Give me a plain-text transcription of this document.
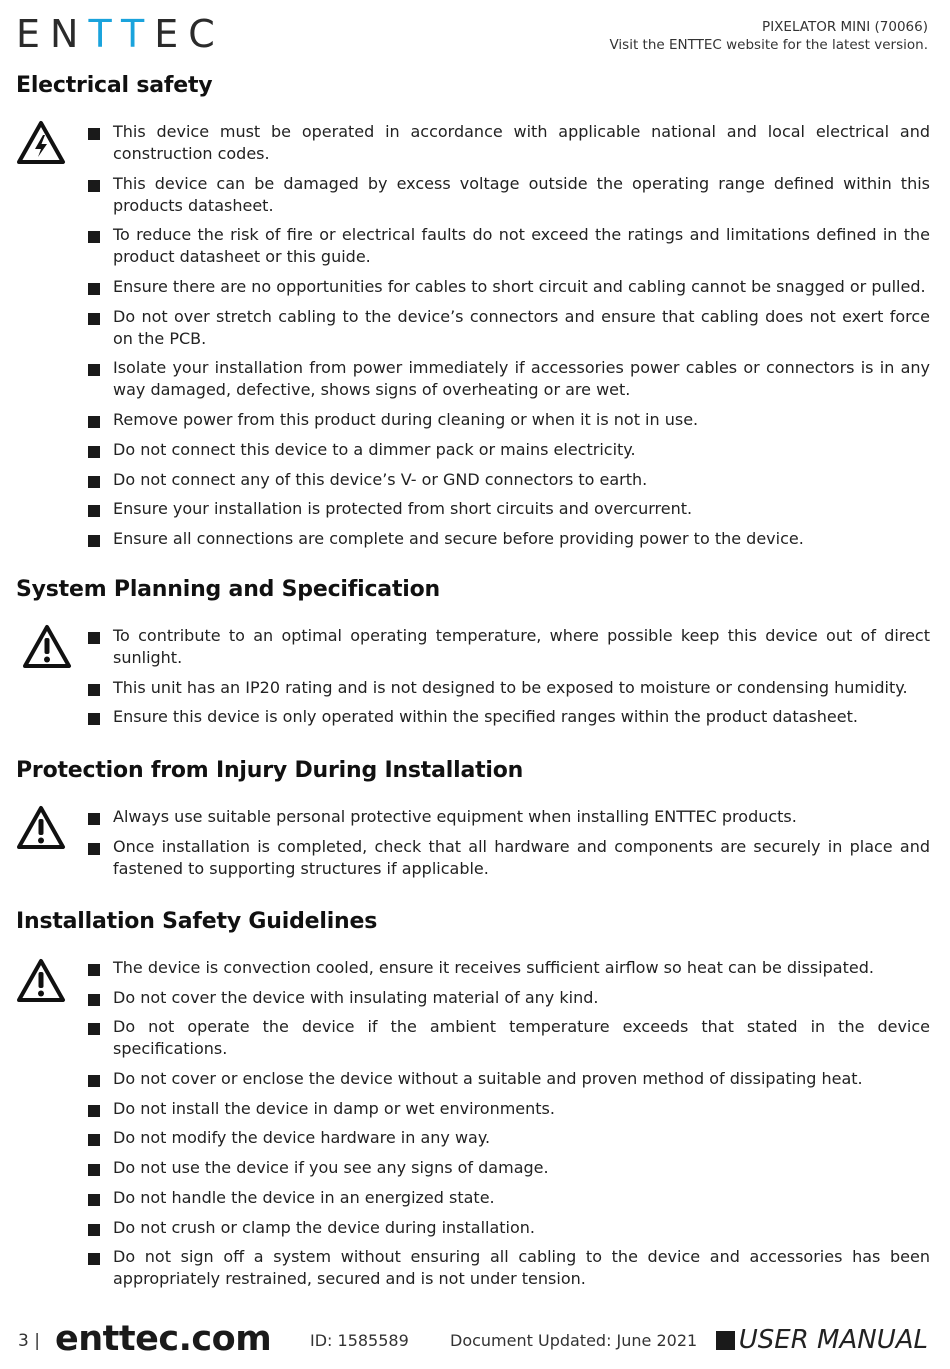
ENTTEC	PIXELATOR MINI (70066)
Visit the ENTTEC website for the latest version.
Electrical safety
This device must be operated in accordance with applicable national and local electrical and construction codes.
This device can be damaged by excess voltage outside the operating range defined within this products datasheet.
To reduce the risk of fire or electrical faults do not exceed the ratings and limitations defined in the product datasheet or this guide.
Ensure there are no opportunities for cables to short circuit and cabling cannot be snagged or pulled.
Do not over stretch cabling to the device’s connectors and ensure that cabling does not exert force on the PCB.
Isolate your installation from power immediately if accessories power cables or connectors is in any way damaged, defective, shows signs of overheating or are wet.
Remove power from this product during cleaning or when it is not in use.
Do not connect this device to a dimmer pack or mains electricity.
Do not connect any of this device’s V- or GND connectors to earth.
Ensure your installation is protected from short circuits and overcurrent.
Ensure all connections are complete and secure before providing power to the device.
System Planning and Specification
To contribute to an optimal operating temperature, where possible keep this device out of direct sunlight.
This unit has an IP20 rating and is not designed to be exposed to moisture or condensing humidity.
Ensure this device is only operated within the specified ranges within the product datasheet.
Protection from Injury During Installation
Always use suitable personal protective equipment when installing ENTTEC products.
Once installation is completed, check that all hardware and components are securely in place and fastened to supporting structures if applicable.
Installation Safety Guidelines
The device is convection cooled, ensure it receives sufficient airflow so heat can be dissipated.
Do not cover the device with insulating material of any kind.
Do not operate the device if the ambient temperature exceeds that stated in the device specifications.
Do not cover or enclose the device without a suitable and proven method of dissipating heat.
Do not install the device in damp or wet environments.
Do not modify the device hardware in any way.
Do not use the device if you see any signs of damage.
Do not handle the device in an energized state.
Do not crush or clamp the device during installation.
Do not sign off a system without ensuring all cabling to the device and accessories has been appropriately restrained, secured and is not under tension.
3 | enttec.com ID: 1585589	Document Updated: June 2021 USER MANUAL
